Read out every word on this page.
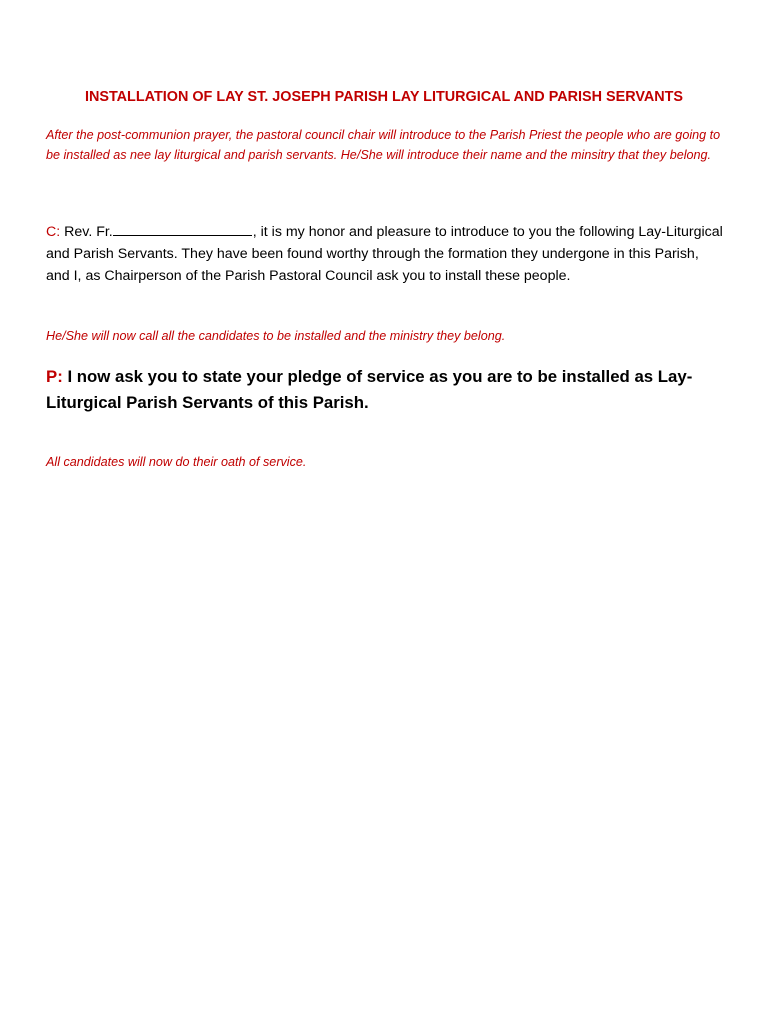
INSTALLATION OF LAY ST. JOSEPH PARISH LAY LITURGICAL AND PARISH SERVANTS
After the post-communion prayer, the pastoral council chair will introduce to the Parish Priest the people who are going to be installed as nee lay liturgical and parish servants. He/She will introduce their name and the minsitry that they belong.
C: Rev. Fr.	, it is my honor and pleasure to introduce to you the following Lay-Liturgical and Parish Servants. They have been found worthy through the formation they undergone in this Parish, and I, as Chairperson of the Parish Pastoral Council ask you to install these people.
He/She will now call all the candidates to be installed and the ministry they belong.
P: I now ask you to state your pledge of service as you are to be installed as Lay-Liturgical Parish Servants of this Parish.
All candidates will now do their oath of service.
